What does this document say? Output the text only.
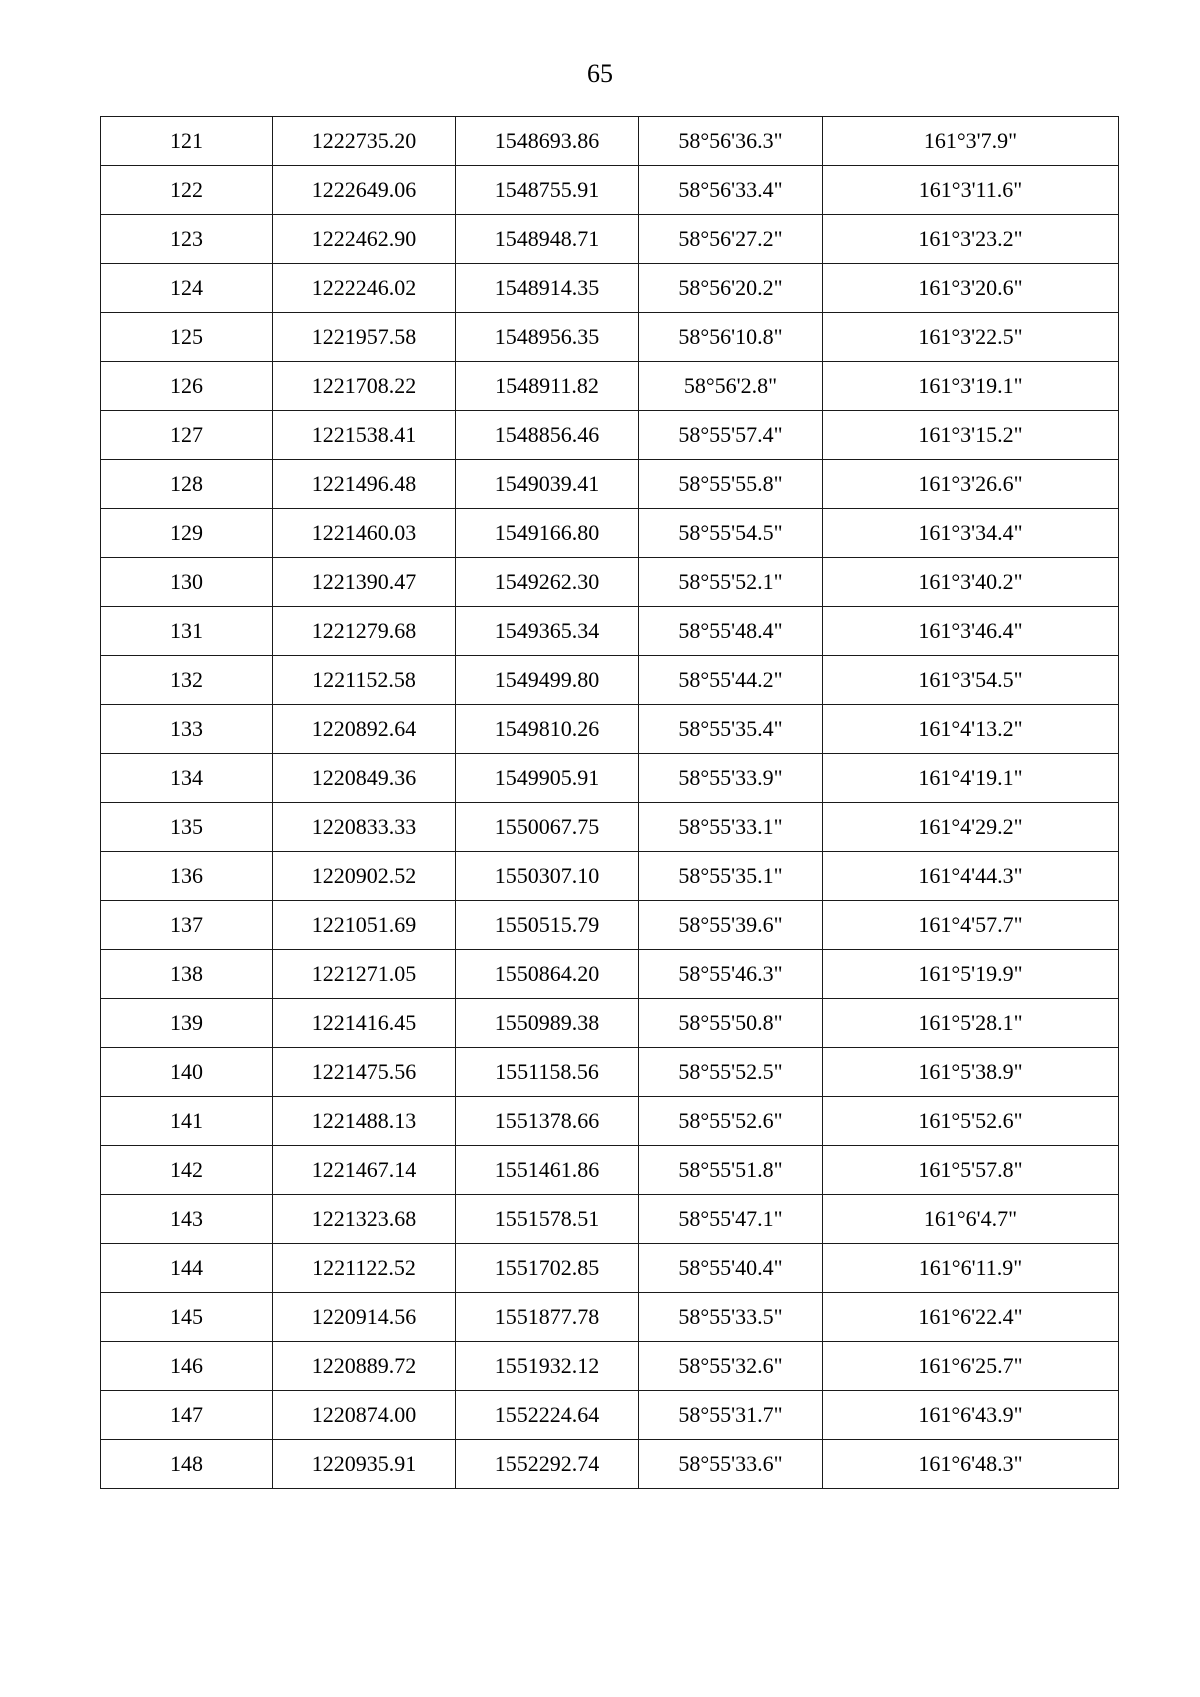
65
121	1222735.20	1548693.86	58°56'36.3"	161°3'7.9"
122	1222649.06	1548755.91	58°56'33.4"	161°3'11.6"
123	1222462.90	1548948.71	58°56'27.2"	161°3'23.2"
124	1222246.02	1548914.35	58°56'20.2"	161°3'20.6"
125	1221957.58	1548956.35	58°56'10.8"	161°3'22.5"
126	1221708.22	1548911.82	58°56'2.8"	161°3'19.1"
127	1221538.41	1548856.46	58°55'57.4"	161°3'15.2"
128	1221496.48	1549039.41	58°55'55.8"	161°3'26.6"
129	1221460.03	1549166.80	58°55'54.5"	161°3'34.4"
130	1221390.47	1549262.30	58°55'52.1"	161°3'40.2"
131	1221279.68	1549365.34	58°55'48.4"	161°3'46.4"
132	1221152.58	1549499.80	58°55'44.2"	161°3'54.5"
133	1220892.64	1549810.26	58°55'35.4"	161°4'13.2"
134	1220849.36	1549905.91	58°55'33.9"	161°4'19.1"
135	1220833.33	1550067.75	58°55'33.1"	161°4'29.2"
136	1220902.52	1550307.10	58°55'35.1"	161°4'44.3"
137	1221051.69	1550515.79	58°55'39.6"	161°4'57.7"
138	1221271.05	1550864.20	58°55'46.3"	161°5'19.9"
139	1221416.45	1550989.38	58°55'50.8"	161°5'28.1"
140	1221475.56	1551158.56	58°55'52.5"	161°5'38.9"
141	1221488.13	1551378.66	58°55'52.6"	161°5'52.6"
142	1221467.14	1551461.86	58°55'51.8"	161°5'57.8"
143	1221323.68	1551578.51	58°55'47.1"	161°6'4.7"
144	1221122.52	1551702.85	58°55'40.4"	161°6'11.9"
145	1220914.56	1551877.78	58°55'33.5"	161°6'22.4"
146	1220889.72	1551932.12	58°55'32.6"	161°6'25.7"
147	1220874.00	1552224.64	58°55'31.7"	161°6'43.9"
148	1220935.91	1552292.74	58°55'33.6"	161°6'48.3"
